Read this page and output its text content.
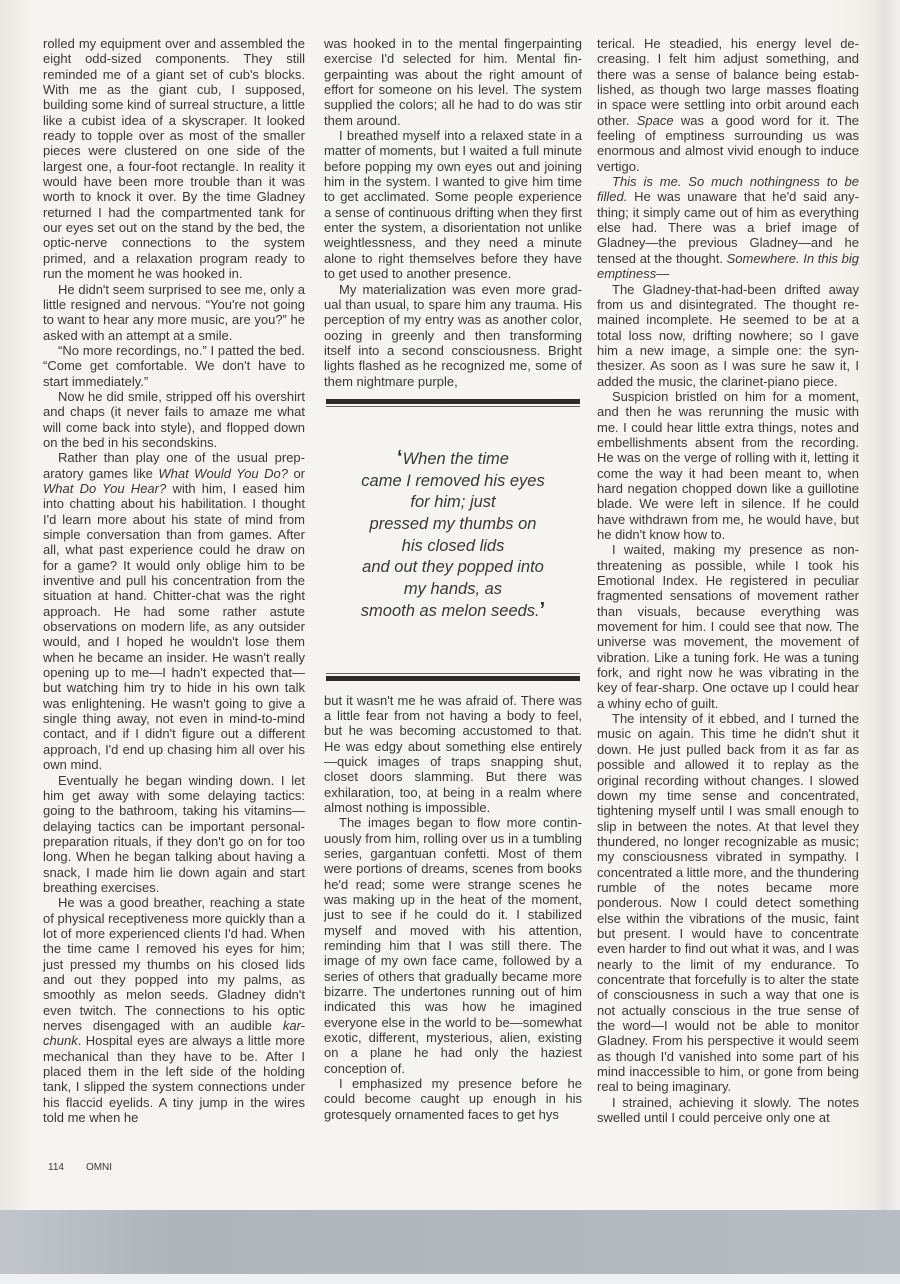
rolled my equipment over and assembled the eight odd-sized components. They still reminded me of a giant set of cub's blocks. With me as the giant cub, I supposed, building some kind of surreal structure, a little like a cubist idea of a skyscraper. It looked ready to topple over as most of the smaller pieces were clustered on one side of the largest one, a four-foot rectangle. In reality it would have been more trouble than it was worth to knock it over. By the time Gladney returned I had the compartmented tank for our eyes set out on the stand by the bed, the optic-nerve connections to the system primed, and a relaxation program ready to run the moment he was hooked in.

He didn't seem surprised to see me, only a little resigned and nervous. “You're not going to want to hear any more music, are you?” he asked with an attempt at a smile.

“No more recordings, no.” I patted the bed. “Come get comfortable. We don't have to start immediately.”

Now he did smile, stripped off his overshirt and chaps (it never fails to amaze me what will come back into style), and flopped down on the bed in his secondskins.

Rather than play one of the usual preparatory games like What Would You Do? or What Do You Hear? with him, I eased him into chatting about his habilitation. I thought I'd learn more about his state of mind from simple conversation than from games. After all, what past experience could he draw on for a game? It would only oblige him to be inventive and pull his concentration from the situation at hand. Chitter-chat was the right approach. He had some rather astute observations on modern life, as any outsider would, and I hoped he wouldn't lose them when he became an insider. He wasn't really opening up to me—I hadn't expected that—but watching him try to hide in his own talk was enlightening. He wasn't going to give a single thing away, not even in mind-to-mind contact, and if I didn't figure out a different approach, I'd end up chasing him all over his own mind.

Eventually he began winding down. I let him get away with some delaying tactics: going to the bathroom, taking his vitamins—delaying tactics can be important personal-preparation rituals, if they don't go on for too long. When he began talking about having a snack, I made him lie down again and start breathing exercises.

He was a good breather, reaching a state of physical receptiveness more quickly than a lot of more experienced clients I'd had. When the time came I removed his eyes for him; just pressed my thumbs on his closed lids and out they popped into my palms, as smoothly as melon seeds. Gladney didn't even twitch. The connections to his optic nerves disengaged with an audible kar-chunk. Hospital eyes are always a little more mechanical than they have to be. After I placed them in the left side of the holding tank, I slipped the system connections under his flaccid eyelids. A tiny jump in the wires told me when he

was hooked in to the mental fingerpainting exercise I'd selected for him. Mental fingerpainting was about the right amount of effort for someone on his level. The system supplied the colors; all he had to do was stir them around.

I breathed myself into a relaxed state in a matter of moments, but I waited a full minute before popping my own eyes out and joining him in the system. I wanted to give him time to get acclimated. Some people experience a sense of continuous drifting when they first enter the system, a disorientation not unlike weightlessness, and they need a minute alone to right themselves before they have to get used to another presence.

My materialization was even more gradual than usual, to spare him any trauma. His perception of my entry was as another color, oozing in greenly and then transforming itself into a second consciousness. Bright lights flashed as he recognized me, some of them nightmare purple,

‘When the time
came I removed his eyes
for him; just
pressed my thumbs on
his closed lids
and out they popped into
my hands, as
smooth as melon seeds.’

but it wasn't me he was afraid of. There was a little fear from not having a body to feel, but he was becoming accustomed to that. He was edgy about something else entirely—quick images of traps snapping shut, closet doors slamming. But there was exhilaration, too, at being in a realm where almost nothing is impossible.

The images began to flow more continuously from him, rolling over us in a tumbling series, gargantuan confetti. Most of them were portions of dreams, scenes from books he'd read; some were strange scenes he was making up in the heat of the moment, just to see if he could do it. I stabilized myself and moved with his attention, reminding him that I was still there. The image of my own face came, followed by a series of others that gradually became more bizarre. The undertones running out of him indicated this was how he imagined everyone else in the world to be—somewhat exotic, different, mysterious, alien, existing on a plane he had only the haziest conception of.

I emphasized my presence before he could become caught up enough in his grotesquely ornamented faces to get hys

terical. He steadied, his energy level decreasing. I felt him adjust something, and there was a sense of balance being established, as though two large masses floating in space were settling into orbit around each other. Space was a good word for it. The feeling of emptiness surrounding us was enormous and almost vivid enough to induce vertigo.

This is me. So much nothingness to be filled. He was unaware that he'd said anything; it simply came out of him as everything else had. There was a brief image of Gladney—the previous Gladney—and he tensed at the thought. Somewhere. In this big emptiness—

The Gladney-that-had-been drifted away from us and disintegrated. The thought remained incomplete. He seemed to be at a total loss now, drifting nowhere; so I gave him a new image, a simple one: the synthesizer. As soon as I was sure he saw it, I added the music, the clarinet-piano piece.

Suspicion bristled on him for a moment, and then he was rerunning the music with me. I could hear little extra things, notes and embellishments absent from the recording. He was on the verge of rolling with it, letting it come the way it had been meant to, when hard negation chopped down like a guillotine blade. We were left in silence. If he could have withdrawn from me, he would have, but he didn't know how to.

I waited, making my presence as nonthreatening as possible, while I took his Emotional Index. He registered in peculiar fragmented sensations of movement rather than visuals, because everything was movement for him. I could see that now. The universe was movement, the movement of vibration. Like a tuning fork. He was a tuning fork, and right now he was vibrating in the key of fear-sharp. One octave up I could hear a whiny echo of guilt.

The intensity of it ebbed, and I turned the music on again. This time he didn't shut it down. He just pulled back from it as far as possible and allowed it to replay as the original recording without changes. I slowed down my time sense and concentrated, tightening myself until I was small enough to slip in between the notes. At that level they thundered, no longer recognizable as music; my consciousness vibrated in sympathy. I concentrated a little more, and the thundering rumble of the notes became more ponderous. Now I could detect something else within the vibrations of the music, faint but present. I would have to concentrate even harder to find out what it was, and I was nearly to the limit of my endurance. To concentrate that forcefully is to alter the state of consciousness in such a way that one is not actually conscious in the true sense of the word—I would not be able to monitor Gladney. From his perspective it would seem as though I'd vanished into some part of his mind inaccessible to him, or gone from being real to being imaginary.

I strained, achieving it slowly. The notes swelled until I could perceive only one at

114 OMNI
